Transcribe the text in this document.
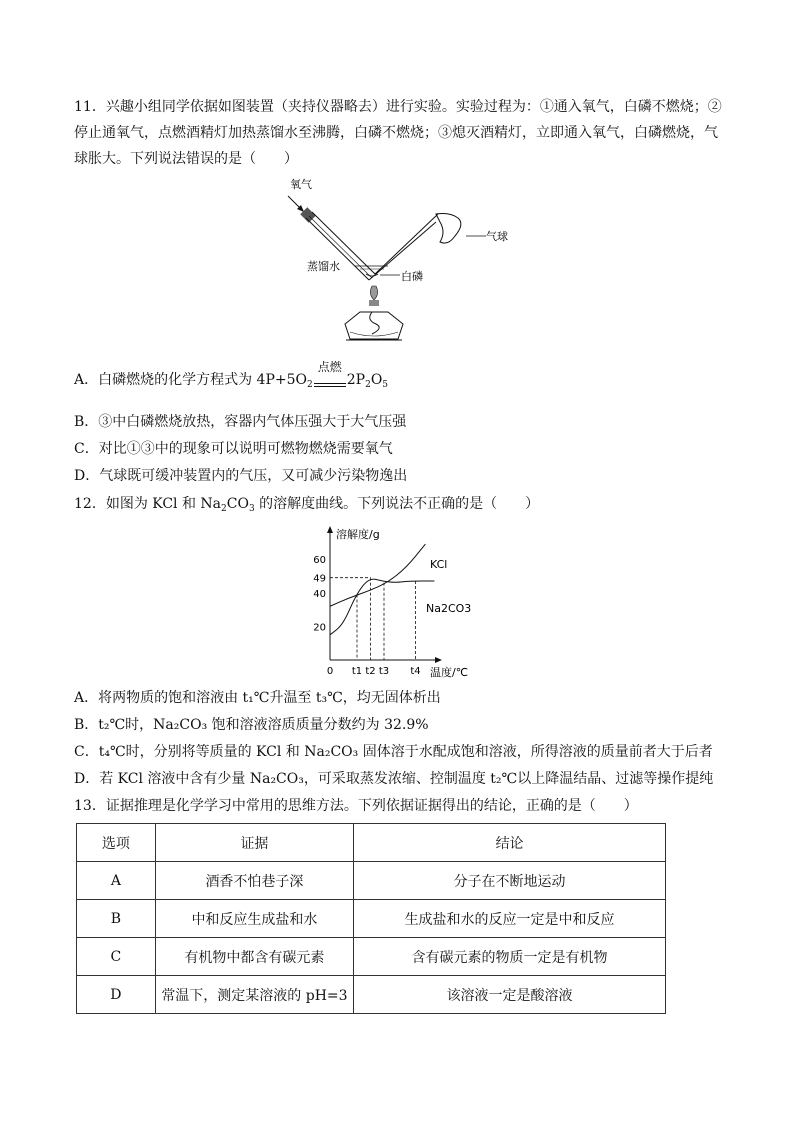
11．兴趣小组同学依据如图装置（夹持仪器略去）进行实验。实验过程为：①通入氧气，白磷不燃烧；②停止通氧气，点燃酒精灯加热蒸馏水至沸腾，白磷不燃烧；③熄灭酒精灯，立即通入氧气，白磷燃烧，气球胀大。下列说法错误的是（　　）
氧气
气球
蒸馏水
白磷
A．白磷燃烧的化学方程式为 $4P+5O_2$
点燃
$2P_2O_5$
B．③中白磷燃烧放热，容器内气体压强大于大气压强
C．对比①③中的现象可以说明可燃物燃烧需要氧气
D．气球既可缓冲装置内的气压，又可减少污染物逸出
12．如图为 KCl 和 $Na_2CO_3$ 的溶解度曲线。下列说法不正确的是（　　）
溶解度/g
温度/℃
20
40
49
60
0 t1 t2 t3 t4
KCl
Na2CO3
A．将两物质的饱和溶液由 t₁℃升温至 t₃℃，均无固体析出
B．t₂℃时，Na₂CO₃ 饱和溶液溶质质量分数约为 32.9%
C．t₄℃时，分别将等质量的 KCl 和 Na₂CO₃ 固体溶于水配成饱和溶液，所得溶液的质量前者大于后者
D．若 KCl 溶液中含有少量 Na₂CO₃，可采取蒸发浓缩、控制温度 t₂℃以上降温结晶、过滤等操作提纯
13．证据推理是化学学习中常用的思维方法。下列依据证据得出的结论，正确的是（　　）
选项	证据	结论
A	酒香不怕巷子深	分子在不断地运动
B	中和反应生成盐和水	生成盐和水的反应一定是中和反应
C	有机物中都含有碳元素	含有碳元素的物质一定是有机物
D	常温下，测定某溶液的 pH=3	该溶液一定是酸溶液
